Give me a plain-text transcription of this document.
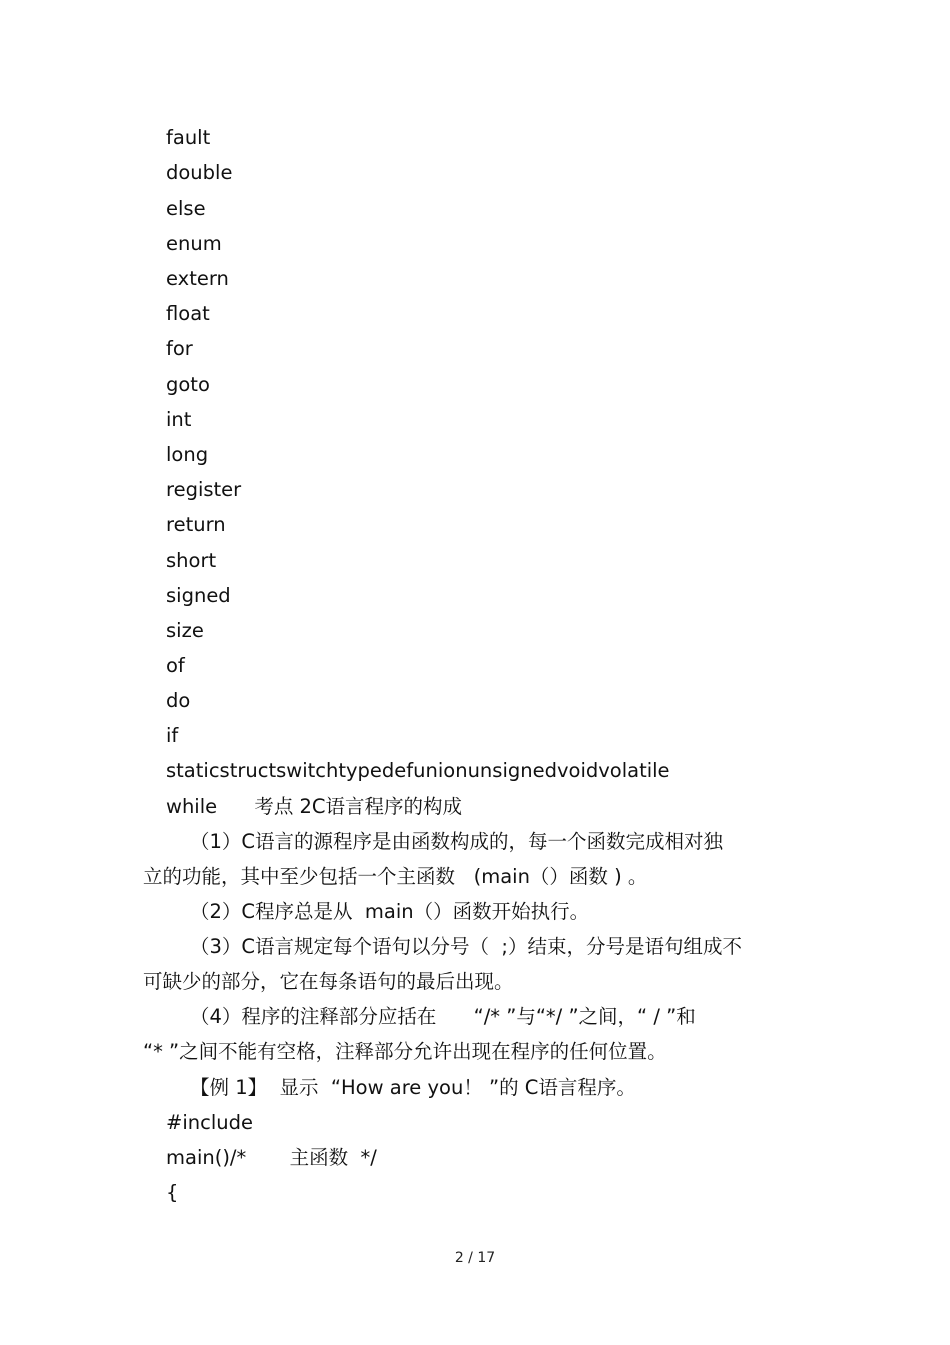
fault
double
else
enum
extern
float
for
goto
int
long
register
return
short
signed
size
of
do
if
staticstructswitchtypedefunionunsignedvoidvolatile
while      考点 2C语言程序的构成
（1）C语言的源程序是由函数构成的，每一个函数完成相对独
立的功能，其中至少包括一个主函数   (main（）函数 ) 。
（2）C程序总是从  main（）函数开始执行。
（3）C语言规定每个语句以分号（  ;）结束，分号是语句组成不
可缺少的部分，它在每条语句的最后出现。
（4）程序的注释部分应括在      “/* ”与“*/ ”之间，“ / ”和
“* ”之间不能有空格，注释部分允许出现在程序的任何位置。
【例 1】  显示  “How are you！ ”的 C语言程序。
#include
main()/*       主函数  */
{
2 / 17
